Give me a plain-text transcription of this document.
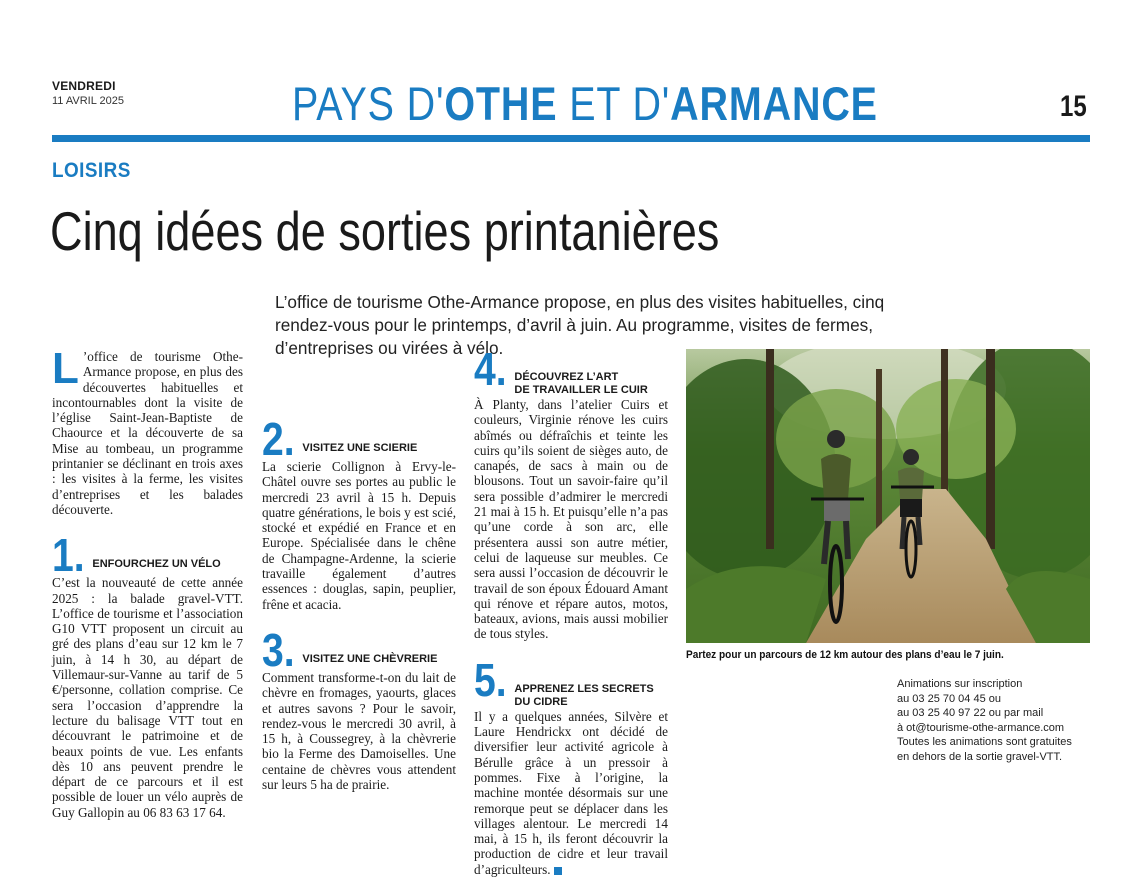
VENDREDI
11 AVRIL 2025	PAYS D'OTHE ET D'ARMANCE	15
LOISIRS
Cinq idées de sorties printanières
L’office de tourisme Othe-Armance propose, en plus des visites habituelles, cinq rendez-vous pour le printemps, d’avril à juin. Au programme, visites de fermes, d’entreprises ou virées à vélo.

L ’office de tourisme Othe-Armance propose, en plus des découvertes habituelles et incontournables dont la visite de l’église Saint-Jean-Baptiste de Chaource et la découverte de sa Mise au tombeau, un programme printanier se déclinant en trois axes : les visites à la ferme, les visites d’entreprises et les balades découverte.

1. ENFOURCHEZ UN VÉLO

C’est la nouveauté de cette année 2025 : la balade gravel-VTT. L’office de tourisme et l’association G10 VTT proposent un circuit au gré des plans d’eau sur 12 km le 7 juin, à 14 h 30, au départ de Villemaur-sur-Vanne au tarif de 5 €/personne, collation comprise. Ce sera l’occasion d’apprendre la lecture du balisage VTT tout en découvrant le patrimoine et de beaux points de vue. Les enfants dès 10 ans peuvent prendre le départ de ce parcours et il est possible de louer un vélo auprès de Guy Gallopin au 06 83 63 17 64.

2. VISITEZ UNE SCIERIE

La scierie Collignon à Ervy-le-Châtel ouvre ses portes au public le mercredi 23 avril à 15 h. Depuis quatre générations, le bois y est scié, stocké et expédié en France et en Europe. Spécialisée dans le chêne de Champagne-Ardenne, la scierie travaille également d’autres essences : douglas, sapin, peuplier, frêne et acacia.

3. VISITEZ UNE CHÈVRERIE

Comment transforme-t-on du lait de chèvre en fromages, yaourts, glaces et autres savons ? Pour le savoir, rendez-vous le mercredi 30 avril, à 15 h, à Coussegrey, à la chèvrerie bio la Ferme des Damoiselles. Une centaine de chèvres vous attendent sur leurs 5 ha de prairie.

4. DÉCOUVREZ L’ART
DE TRAVAILLER LE CUIR

À Planty, dans l’atelier Cuirs et couleurs, Virginie rénove les cuirs abîmés ou défraîchis et teinte les cuirs qu’ils soient de sièges auto, de canapés, de sacs à main ou de blousons. Tout un savoir-faire qu’il sera possible d’admirer le mercredi 21 mai à 15 h. Et puisqu’elle n’a pas qu’une corde à son arc, elle présentera aussi son autre métier, celui de laqueuse sur meubles. Ce sera aussi l’occasion de découvrir le travail de son époux Édouard Amant qui rénove et répare autos, motos, bateaux, avions, mais aussi mobilier de tous styles.

5. APPRENEZ LES SECRETS DU CIDRE

Il y a quelques années, Silvère et Laure Hendrickx ont décidé de diversifier leur activité agricole à Bérulle grâce à un pressoir à pommes. Fixe à l’origine, la machine montée désormais sur une remorque peut se déplacer dans les villages alentour. Le mercredi 14 mai, à 15 h, ils feront découvrir la production de cidre et leur travail d’agriculteurs.

Partez pour un parcours de 12 km autour des plans d’eau le 7 juin.
Animations sur inscription
au 03 25 70 04 45 ou
au 03 25 40 97 22 ou par mail
à ot@tourisme-othe-armance.com
Toutes les animations sont gratuites
en dehors de la sortie gravel-VTT.
